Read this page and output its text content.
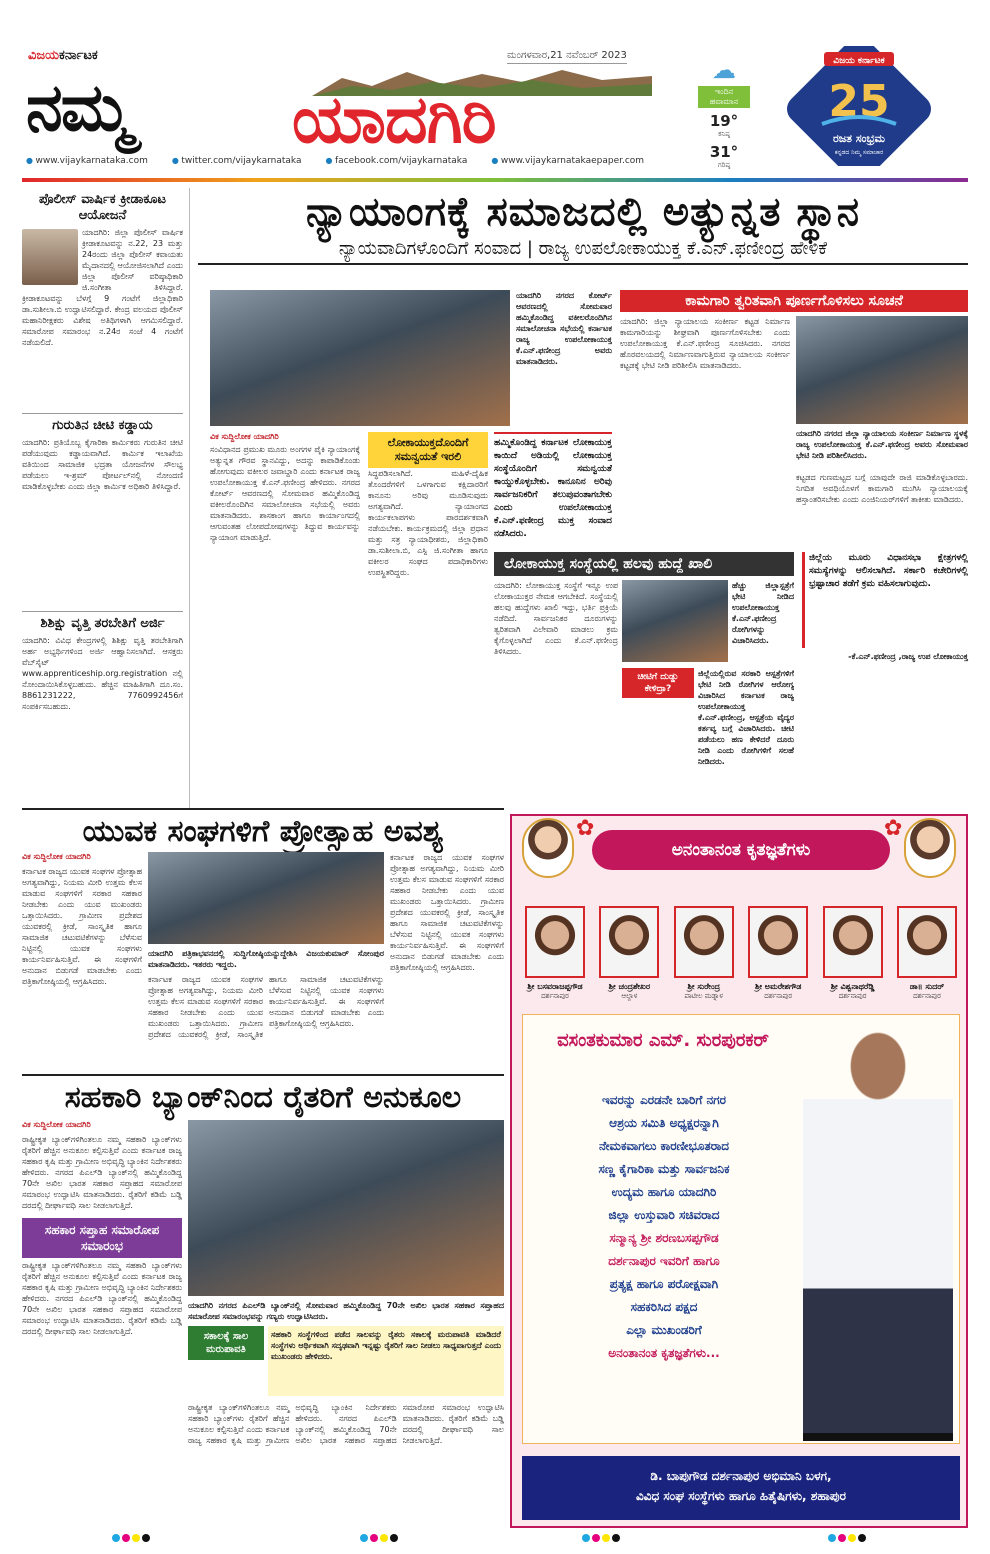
ವಿಜಯಕರ್ನಾಟಕ
ನಮ್ಮ ಯಾದಗಿರಿ
ಮಂಗಳವಾರ,21 ನವೆಂಬರ್ 2023
☁
ಇಂದಿನ ಹವಾಮಾನ
19°
ಕನಿಷ್ಠ
31°
ಗರಿಷ್ಠ
ವಿಜಯ ಕರ್ನಾಟಕ
25
ರಜತ ಸಂಭ್ರಮ
ಕನ್ನಡದ ನಿಮ್ಮ ಸಮಾಚಾರ
● www.vijaykarnataka.com	● twitter.com/vijaykarnataka	● facebook.com/vijaykarnataka	● www.vijaykarnatakaepaper.com
ಪೊಲೀಸ್ ವಾರ್ಷಿಕ ಕ್ರೀಡಾಕೂಟ ಆಯೋಜನೆ
ಯಾದಗಿರಿ: ಜಿಲ್ಲಾ ಪೊಲೀಸ್ ವಾರ್ಷಿಕ ಕ್ರೀಡಾಕೂಟವನ್ನು ನ.22, 23 ಮತ್ತು 24ರಂದು ಜಿಲ್ಲಾ ಪೊಲೀಸ್ ಕವಾಯತು ಮೈದಾನದಲ್ಲಿ ಆಯೋಜಿಸಲಾಗಿದೆ ಎಂದು ಜಿಲ್ಲಾ ಪೊಲೀಸ್ ವರಿಷ್ಠಾಧಿಕಾರಿ ಜಿ.ಸಂಗೀತಾ ತಿಳಿಸಿದ್ದಾರೆ. ಕ್ರೀಡಾಕೂಟವನ್ನು ಬೆಳಗ್ಗೆ 9 ಗಂಟೆಗೆ ಜಿಲ್ಲಾಧಿಕಾರಿ ಡಾ.ಸುಶೀಲಾ.ಬಿ ಉದ್ಘಾಟಿಸಲಿದ್ದಾರೆ. ಕೇಂದ್ರ ವಲಯದ ಪೊಲೀಸ್ ಮಹಾನಿರೀಕ್ಷಕರು ವಿಶೇಷ ಅತಿಥಿಗಳಾಗಿ ಆಗಮಿಸಲಿದ್ದಾರೆ. ಸಮಾರೋಪ ಸಮಾರಂಭ ನ.24ರ ಸಂಜೆ 4 ಗಂಟೆಗೆ ನಡೆಯಲಿದೆ.
ಗುರುತಿನ ಚೀಟಿ ಕಡ್ಡಾಯ
ಯಾದಗಿರಿ: ಪ್ರತಿಯೊಬ್ಬ ಕೈಗಾರಿಕಾ ಕಾರ್ಮಿಕರು ಗುರುತಿನ ಚೀಟಿ ಪಡೆಯುವುದು ಕಡ್ಡಾಯವಾಗಿದೆ. ಕಾರ್ಮಿಕ ಇಲಾಖೆಯ ವತಿಯಿಂದ ಸಾಮಾಜಿಕ ಭದ್ರತಾ ಯೋಜನೆಗಳ ಸೌಲಭ್ಯ ಪಡೆಯಲು ಇ-ಶ್ರಮ್ ಪೋರ್ಟಲ್‌ನಲ್ಲಿ ನೋಂದಣಿ ಮಾಡಿಕೊಳ್ಳಬೇಕು ಎಂದು ಜಿಲ್ಲಾ ಕಾರ್ಮಿಕ ಅಧಿಕಾರಿ ತಿಳಿಸಿದ್ದಾರೆ.
ಶಿಶಿಕ್ಷು ವೃತ್ತಿ ತರಬೇತಿಗೆ ಅರ್ಜಿ
ಯಾದಗಿರಿ: ವಿವಿಧ ಕೇಂದ್ರಗಳಲ್ಲಿ ಶಿಶಿಕ್ಷು ವೃತ್ತಿ ತರಬೇತಿಗಾಗಿ ಅರ್ಹ ಅಭ್ಯರ್ಥಿಗಳಿಂದ ಅರ್ಜಿ ಆಹ್ವಾನಿಸಲಾಗಿದೆ. ಆಸಕ್ತರು ವೆಬ್‌ಸೈಟ್ www.apprenticeship.org.registration ನಲ್ಲಿ ನೋಂದಾಯಿಸಿಕೊಳ್ಳಬಹುದು. ಹೆಚ್ಚಿನ ಮಾಹಿತಿಗಾಗಿ ದೂ.ಸಂ. 8861231222, 7760992456ಗೆ ಸಂಪರ್ಕಿಸಬಹುದು.
ನ್ಯಾಯಾಂಗಕ್ಕೆ ಸಮಾಜದಲ್ಲಿ ಅತ್ಯುನ್ನತ ಸ್ಥಾನ
ನ್ಯಾಯವಾದಿಗಳೊಂದಿಗೆ ಸಂವಾದ | ರಾಜ್ಯ ಉಪಲೋಕಾಯುಕ್ತ ಕೆ.ಎನ್.ಫಣೀಂದ್ರ ಹೇಳಿಕೆ
ಯಾದಗಿರಿ ನಗರದ ಕೋರ್ಟ್ ಆವರಣದಲ್ಲಿ ಸೋಮವಾರ ಹಮ್ಮಿಕೊಂಡಿದ್ದ ವಕೀಲರೊಂದಿಗಿನ ಸಮಾಲೋಚನಾ ಸಭೆಯಲ್ಲಿ ಕರ್ನಾಟಕ ರಾಜ್ಯ ಉಪಲೋಕಾಯುಕ್ತ ಕೆ.ಎನ್.ಫಣೀಂದ್ರ ಅವರು ಮಾತನಾಡಿದರು.
ವಿಕ ಸುದ್ದಿಲೋಕ ಯಾದಗಿರಿ
ಸಂವಿಧಾನದ ಪ್ರಮುಖ ಮೂರು ಅಂಗಗಳ ಪೈಕಿ ನ್ಯಾಯಾಂಗಕ್ಕೆ ಅತ್ಯುನ್ನತ ಗೌರವ ಸ್ಥಾನವಿದ್ದು, ಅದನ್ನು ಕಾಪಾಡಿಕೊಂಡು ಹೋಗುವುದು ವಕೀಲರ ಜವಾಬ್ದಾರಿ ಎಂದು ಕರ್ನಾಟಕ ರಾಜ್ಯ ಉಪಲೋಕಾಯುಕ್ತ ಕೆ.ಎನ್.ಫಣೀಂದ್ರ ಹೇಳಿದರು. ನಗರದ ಕೋರ್ಟ್ ಆವರಣದಲ್ಲಿ ಸೋಮವಾರ ಹಮ್ಮಿಕೊಂಡಿದ್ದ ವಕೀಲರೊಂದಿಗಿನ ಸಮಾಲೋಚನಾ ಸಭೆಯಲ್ಲಿ ಅವರು ಮಾತನಾಡಿದರು. ಶಾಸಕಾಂಗ ಹಾಗೂ ಕಾರ್ಯಾಂಗದಲ್ಲಿ ಆಗುವಂತಹ ಲೋಪದೋಷಗಳನ್ನು ತಿದ್ದುವ ಕಾರ್ಯವನ್ನು ನ್ಯಾಯಾಂಗ ಮಾಡುತ್ತಿದೆ.
ಲೋಕಾಯುಕ್ತದೊಂದಿಗೆ ಸಮನ್ವಯತೆ ಇರಲಿ
ಸಿದ್ಧಪಡಿಸಲಾಗಿದೆ. ಮಹಿಳೆ-ದೈಹಿಕ ತೊಂದರೆಗಳಿಗೆ ಒಳಗಾಗುವ ಕಕ್ಷಿದಾರರಿಗೆ ಕಾನೂನು ಅರಿವು ಮೂಡಿಸುವುದು ಅಗತ್ಯವಾಗಿದೆ. ನ್ಯಾಯಾಂಗದ ಕಾರ್ಯಕಲಾಪಗಳು ಪಾರದರ್ಶಕವಾಗಿ ನಡೆಯಬೇಕು. ಕಾರ್ಯಕ್ರಮದಲ್ಲಿ ಜಿಲ್ಲಾ ಪ್ರಧಾನ ಮತ್ತು ಸತ್ರ ನ್ಯಾಯಾಧೀಶರು, ಜಿಲ್ಲಾಧಿಕಾರಿ ಡಾ.ಸುಶೀಲಾ.ಬಿ, ಎಸ್ಪಿ ಜಿ.ಸಂಗೀತಾ ಹಾಗೂ ವಕೀಲರ ಸಂಘದ ಪದಾಧಿಕಾರಿಗಳು ಉಪಸ್ಥಿತರಿದ್ದರು.
ಹಮ್ಮಿಕೊಂಡಿದ್ದ ಕರ್ನಾಟಕ ಲೋಕಾಯುಕ್ತ ಕಾಯಿದೆ ಅಡಿಯಲ್ಲಿ ಲೋಕಾಯುಕ್ತ ಸಂಸ್ಥೆಯೊಂದಿಗೆ ಸಮನ್ವಯತೆ ಕಾಯ್ದುಕೊಳ್ಳಬೇಕು. ಕಾನೂನಿನ ಅರಿವು ಸಾರ್ವಜನಿಕರಿಗೆ ತಲುಪುವಂತಾಗಬೇಕು ಎಂದು ಉಪಲೋಕಾಯುಕ್ತ ಕೆ.ಎನ್.ಫಣೀಂದ್ರ ಮುಕ್ತ ಸಂವಾದ ನಡೆಸಿದರು.
ಕಾಮಗಾರಿ ತ್ವರಿತವಾಗಿ ಪೂರ್ಣಗೊಳಿಸಲು ಸೂಚನೆ
ಯಾದಗಿರಿ: ಜಿಲ್ಲಾ ನ್ಯಾಯಾಲಯ ಸಂಕೀರ್ಣ ಕಟ್ಟಡ ನಿರ್ಮಾಣ ಕಾಮಗಾರಿಯನ್ನು ಶೀಘ್ರವಾಗಿ ಪೂರ್ಣಗೊಳಿಸಬೇಕು ಎಂದು ಉಪಲೋಕಾಯುಕ್ತ ಕೆ.ಎನ್.ಫಣೀಂದ್ರ ಸೂಚಿಸಿದರು. ನಗರದ ಹೊರವಲಯದಲ್ಲಿ ನಿರ್ಮಾಣವಾಗುತ್ತಿರುವ ನ್ಯಾಯಾಲಯ ಸಂಕೀರ್ಣ ಕಟ್ಟಡಕ್ಕೆ ಭೇಟಿ ನೀಡಿ ಪರಿಶೀಲಿಸಿ ಮಾತನಾಡಿದರು.
ಯಾದಗಿರಿ ನಗರದ ಜಿಲ್ಲಾ ನ್ಯಾಯಾಲಯ ಸಂಕೀರ್ಣ ನಿರ್ಮಾಣ ಸ್ಥಳಕ್ಕೆ ರಾಜ್ಯ ಉಪಲೋಕಾಯುಕ್ತ ಕೆ.ಎನ್.ಫಣೀಂದ್ರ ಅವರು ಸೋಮವಾರ ಭೇಟಿ ನೀಡಿ ಪರಿಶೀಲಿಸಿದರು.
ಕಟ್ಟಡದ ಗುಣಮಟ್ಟದ ಬಗ್ಗೆ ಯಾವುದೇ ರಾಜಿ ಮಾಡಿಕೊಳ್ಳಬಾರದು. ನಿಗದಿತ ಅವಧಿಯೊಳಗೆ ಕಾಮಗಾರಿ ಮುಗಿಸಿ ನ್ಯಾಯಾಲಯಕ್ಕೆ ಹಸ್ತಾಂತರಿಸಬೇಕು ಎಂದು ಎಂಜಿನಿಯರ್‌ಗಳಿಗೆ ತಾಕೀತು ಮಾಡಿದರು.
ಲೋಕಾಯುಕ್ತ ಸಂಸ್ಥೆಯಲ್ಲಿ ಹಲವು ಹುದ್ದೆ ಖಾಲಿ
ಯಾದಗಿರಿ: ಲೋಕಾಯುಕ್ತ ಸಂಸ್ಥೆಗೆ ಇನ್ನೂ ಉಪ ಲೋಕಾಯುಕ್ತರ ನೇಮಕ ಆಗಬೇಕಿದೆ. ಸಂಸ್ಥೆಯಲ್ಲಿ ಹಲವು ಹುದ್ದೆಗಳು ಖಾಲಿ ಇದ್ದು, ಭರ್ತಿ ಪ್ರಕ್ರಿಯೆ ನಡೆದಿದೆ. ಸಾರ್ವಜನಿಕರ ದೂರುಗಳನ್ನು ತ್ವರಿತವಾಗಿ ವಿಲೇವಾರಿ ಮಾಡಲು ಕ್ರಮ ಕೈಗೊಳ್ಳಲಾಗಿದೆ ಎಂದು ಕೆ.ಎನ್.ಫಣೀಂದ್ರ ತಿಳಿಸಿದರು.
ಹೆಚ್ಚು ಜಿಲ್ಲಾಸ್ಪತ್ರೆಗೆ ಭೇಟಿ ನೀಡಿದ ಉಪಲೋಕಾಯುಕ್ತ ಕೆ.ಎನ್.ಫಣೀಂದ್ರ ರೋಗಿಗಳನ್ನು ವಿಚಾರಿಸಿದರು.
ಚೀಟಿಗೆ ದುಡ್ಡು ಕೇಳಿದ್ರಾ?
ಜಿಲ್ಲೆಯಲ್ಲಿರುವ ಸರಕಾರಿ ಆಸ್ಪತ್ರೆಗಳಿಗೆ ಭೇಟಿ ನೀಡಿ ರೋಗಿಗಳ ಆರೋಗ್ಯ ವಿಚಾರಿಸಿದ ಕರ್ನಾಟಕ ರಾಜ್ಯ ಉಪಲೋಕಾಯುಕ್ತ ಕೆ.ಎನ್.ಫಣೀಂದ್ರ, ಆಸ್ಪತ್ರೆಯ ವೈದ್ಯರ ಕರ್ತವ್ಯ ಬಗ್ಗೆ ವಿಚಾರಿಸಿದರು. ಚೀಟಿ ಪಡೆಯಲು ಹಣ ಕೇಳಿದರೆ ದೂರು ನೀಡಿ ಎಂದು ರೋಗಿಗಳಿಗೆ ಸಲಹೆ ನೀಡಿದರು.
ಜಿಲ್ಲೆಯ ಮೂರು ವಿಧಾನಸಭಾ ಕ್ಷೇತ್ರಗಳಲ್ಲಿ ಸಮಸ್ಯೆಗಳನ್ನು ಆಲಿಸಲಾಗಿದೆ. ಸರ್ಕಾರಿ ಕಚೇರಿಗಳಲ್ಲಿ ಭ್ರಷ್ಟಾಚಾರ ತಡೆಗೆ ಕ್ರಮ ವಹಿಸಲಾಗುವುದು.
-ಕೆ.ಎನ್.ಫಣೀಂದ್ರ ,ರಾಜ್ಯ ಉಪ ಲೋಕಾಯುಕ್ತ
ಯುವಕ ಸಂಘಗಳಿಗೆ ಪ್ರೋತ್ಸಾಹ ಅವಶ್ಯ
ವಿಕ ಸುದ್ದಿಲೋಕ ಯಾದಗಿರಿ
ಯಾದಗಿರಿ ಪತ್ರಿಕಾಭವನದಲ್ಲಿ ಸುದ್ದಿಗೋಷ್ಠಿಯನ್ನುದ್ದೇಶಿಸಿ ವಿಜಯಕುಮಾರ್ ಸೋಂಪುರ ಮಾತನಾಡಿದರು. ಇತರರು ಇದ್ದರು.
ಕರ್ನಾಟಕ ರಾಜ್ಯದ ಯುವಕ ಸಂಘಗಳ ಪ್ರೋತ್ಸಾಹ ಅಗತ್ಯವಾಗಿದ್ದು, ನಿಯಮ ಮೀರಿ ಉತ್ತಮ ಕೆಲಸ ಮಾಡುವ ಸಂಘಗಳಿಗೆ ಸರಕಾರ ಸಹಕಾರ ನೀಡಬೇಕು ಎಂದು ಯುವ ಮುಖಂಡರು ಒತ್ತಾಯಿಸಿದರು. ಗ್ರಾಮೀಣ ಪ್ರದೇಶದ ಯುವಕರಲ್ಲಿ ಕ್ರೀಡೆ, ಸಾಂಸ್ಕೃತಿಕ ಹಾಗೂ ಸಾಮಾಜಿಕ ಚಟುವಟಿಕೆಗಳನ್ನು ಬೆಳೆಸುವ ನಿಟ್ಟಿನಲ್ಲಿ ಯುವಕ ಸಂಘಗಳು ಕಾರ್ಯನಿರ್ವಹಿಸುತ್ತಿವೆ. ಈ ಸಂಘಗಳಿಗೆ ಅನುದಾನ ಬಿಡುಗಡೆ ಮಾಡಬೇಕು ಎಂದು ಪತ್ರಿಕಾಗೋಷ್ಠಿಯಲ್ಲಿ ಆಗ್ರಹಿಸಿದರು.	ಕರ್ನಾಟಕ ರಾಜ್ಯದ ಯುವಕ ಸಂಘಗಳ ಪ್ರೋತ್ಸಾಹ ಅಗತ್ಯವಾಗಿದ್ದು, ನಿಯಮ ಮೀರಿ ಉತ್ತಮ ಕೆಲಸ ಮಾಡುವ ಸಂಘಗಳಿಗೆ ಸರಕಾರ ಸಹಕಾರ ನೀಡಬೇಕು ಎಂದು ಯುವ ಮುಖಂಡರು ಒತ್ತಾಯಿಸಿದರು. ಗ್ರಾಮೀಣ ಪ್ರದೇಶದ ಯುವಕರಲ್ಲಿ ಕ್ರೀಡೆ, ಸಾಂಸ್ಕೃತಿಕ ಹಾಗೂ ಸಾಮಾಜಿಕ ಚಟುವಟಿಕೆಗಳನ್ನು ಬೆಳೆಸುವ ನಿಟ್ಟಿನಲ್ಲಿ ಯುವಕ ಸಂಘಗಳು ಕಾರ್ಯನಿರ್ವಹಿಸುತ್ತಿವೆ. ಈ ಸಂಘಗಳಿಗೆ ಅನುದಾನ ಬಿಡುಗಡೆ ಮಾಡಬೇಕು ಎಂದು ಪತ್ರಿಕಾಗೋಷ್ಠಿಯಲ್ಲಿ ಆಗ್ರಹಿಸಿದರು.
ಕರ್ನಾಟಕ ರಾಜ್ಯದ ಯುವಕ ಸಂಘಗಳ ಪ್ರೋತ್ಸಾಹ ಅಗತ್ಯವಾಗಿದ್ದು, ನಿಯಮ ಮೀರಿ ಉತ್ತಮ ಕೆಲಸ ಮಾಡುವ ಸಂಘಗಳಿಗೆ ಸರಕಾರ ಸಹಕಾರ ನೀಡಬೇಕು ಎಂದು ಯುವ ಮುಖಂಡರು ಒತ್ತಾಯಿಸಿದರು. ಗ್ರಾಮೀಣ ಪ್ರದೇಶದ ಯುವಕರಲ್ಲಿ ಕ್ರೀಡೆ, ಸಾಂಸ್ಕೃತಿಕ ಹಾಗೂ ಸಾಮಾಜಿಕ ಚಟುವಟಿಕೆಗಳನ್ನು ಬೆಳೆಸುವ ನಿಟ್ಟಿನಲ್ಲಿ ಯುವಕ ಸಂಘಗಳು ಕಾರ್ಯನಿರ್ವಹಿಸುತ್ತಿವೆ. ಈ ಸಂಘಗಳಿಗೆ ಅನುದಾನ ಬಿಡುಗಡೆ ಮಾಡಬೇಕು ಎಂದು ಪತ್ರಿಕಾಗೋಷ್ಠಿಯಲ್ಲಿ ಆಗ್ರಹಿಸಿದರು.
ಸಹಕಾರಿ ಬ್ಯಾಂಕ್‌ನಿಂದ ರೈತರಿಗೆ ಅನುಕೂಲ
ವಿಕ ಸುದ್ದಿಲೋಕ ಯಾದಗಿರಿ
ರಾಷ್ಟ್ರೀಕೃತ ಬ್ಯಾಂಕ್‌ಗಳಿಗಿಂತಲೂ ನಮ್ಮ ಸಹಕಾರಿ ಬ್ಯಾಂಕ್‌ಗಳು ರೈತರಿಗೆ ಹೆಚ್ಚಿನ ಅನುಕೂಲ ಕಲ್ಪಿಸುತ್ತಿವೆ ಎಂದು ಕರ್ನಾಟಕ ರಾಜ್ಯ ಸಹಕಾರ ಕೃಷಿ ಮತ್ತು ಗ್ರಾಮೀಣ ಅಭಿವೃದ್ಧಿ ಬ್ಯಾಂಕಿನ ನಿರ್ದೇಶಕರು ಹೇಳಿದರು. ನಗರದ ಪಿಎಲ್‌ಡಿ ಬ್ಯಾಂಕ್‌ನಲ್ಲಿ ಹಮ್ಮಿಕೊಂಡಿದ್ದ 70ನೇ ಅಖಿಲ ಭಾರತ ಸಹಕಾರ ಸಪ್ತಾಹದ ಸಮಾರೋಪ ಸಮಾರಂಭ ಉದ್ಘಾಟಿಸಿ ಮಾತನಾಡಿದರು. ರೈತರಿಗೆ ಕಡಿಮೆ ಬಡ್ಡಿ ದರದಲ್ಲಿ ದೀರ್ಘಾವಧಿ ಸಾಲ ನೀಡಲಾಗುತ್ತಿದೆ.
ಸಹಕಾರ ಸಪ್ತಾಹ ಸಮಾರೋಪ ಸಮಾರಂಭ
ರಾಷ್ಟ್ರೀಕೃತ ಬ್ಯಾಂಕ್‌ಗಳಿಗಿಂತಲೂ ನಮ್ಮ ಸಹಕಾರಿ ಬ್ಯಾಂಕ್‌ಗಳು ರೈತರಿಗೆ ಹೆಚ್ಚಿನ ಅನುಕೂಲ ಕಲ್ಪಿಸುತ್ತಿವೆ ಎಂದು ಕರ್ನಾಟಕ ರಾಜ್ಯ ಸಹಕಾರ ಕೃಷಿ ಮತ್ತು ಗ್ರಾಮೀಣ ಅಭಿವೃದ್ಧಿ ಬ್ಯಾಂಕಿನ ನಿರ್ದೇಶಕರು ಹೇಳಿದರು. ನಗರದ ಪಿಎಲ್‌ಡಿ ಬ್ಯಾಂಕ್‌ನಲ್ಲಿ ಹಮ್ಮಿಕೊಂಡಿದ್ದ 70ನೇ ಅಖಿಲ ಭಾರತ ಸಹಕಾರ ಸಪ್ತಾಹದ ಸಮಾರೋಪ ಸಮಾರಂಭ ಉದ್ಘಾಟಿಸಿ ಮಾತನಾಡಿದರು. ರೈತರಿಗೆ ಕಡಿಮೆ ಬಡ್ಡಿ ದರದಲ್ಲಿ ದೀರ್ಘಾವಧಿ ಸಾಲ ನೀಡಲಾಗುತ್ತಿದೆ.
ಯಾದಗಿರಿ ನಗರದ ಪಿಎಲ್‌ಡಿ ಬ್ಯಾಂಕ್‌ನಲ್ಲಿ ಸೋಮವಾರ ಹಮ್ಮಿಕೊಂಡಿದ್ದ 70ನೇ ಅಖಿಲ ಭಾರತ ಸಹಕಾರ ಸಪ್ತಾಹದ ಸಮಾರೋಪ ಸಮಾರಂಭವನ್ನು ಗಣ್ಯರು ಉದ್ಘಾಟಿಸಿದರು.
ಸಕಾಲಕ್ಕೆ ಸಾಲ ಮರುಪಾವತಿ
ಸಹಕಾರಿ ಸಂಸ್ಥೆಗಳಿಂದ ಪಡೆದ ಸಾಲವನ್ನು ರೈತರು ಸಕಾಲಕ್ಕೆ ಮರುಪಾವತಿ ಮಾಡಿದರೆ ಸಂಸ್ಥೆಗಳು ಆರ್ಥಿಕವಾಗಿ ಸದೃಢವಾಗಿ ಇನ್ನಷ್ಟು ರೈತರಿಗೆ ಸಾಲ ನೀಡಲು ಸಾಧ್ಯವಾಗುತ್ತದೆ ಎಂದು ಮುಖಂಡರು ಹೇಳಿದರು.
ರಾಷ್ಟ್ರೀಕೃತ ಬ್ಯಾಂಕ್‌ಗಳಿಗಿಂತಲೂ ನಮ್ಮ ಸಹಕಾರಿ ಬ್ಯಾಂಕ್‌ಗಳು ರೈತರಿಗೆ ಹೆಚ್ಚಿನ ಅನುಕೂಲ ಕಲ್ಪಿಸುತ್ತಿವೆ ಎಂದು ಕರ್ನಾಟಕ ರಾಜ್ಯ ಸಹಕಾರ ಕೃಷಿ ಮತ್ತು ಗ್ರಾಮೀಣ ಅಭಿವೃದ್ಧಿ ಬ್ಯಾಂಕಿನ ನಿರ್ದೇಶಕರು ಹೇಳಿದರು. ನಗರದ ಪಿಎಲ್‌ಡಿ ಬ್ಯಾಂಕ್‌ನಲ್ಲಿ ಹಮ್ಮಿಕೊಂಡಿದ್ದ 70ನೇ ಅಖಿಲ ಭಾರತ ಸಹಕಾರ ಸಪ್ತಾಹದ ಸಮಾರೋಪ ಸಮಾರಂಭ ಉದ್ಘಾಟಿಸಿ ಮಾತನಾಡಿದರು. ರೈತರಿಗೆ ಕಡಿಮೆ ಬಡ್ಡಿ ದರದಲ್ಲಿ ದೀರ್ಘಾವಧಿ ಸಾಲ ನೀಡಲಾಗುತ್ತಿದೆ.
ಅನಂತಾನಂತ ಕೃತಜ್ಞತೆಗಳು
✿	✿
ಶ್ರೀ ಬಸವರಾಜಪ್ಪಗೌಡ
ದರ್ಶನಾಪುರ
ಶ್ರೀ ಚಂದ್ರಶೇಖರ
ಆಲ್ದಾಳ
ಶ್ರೀ ಸುರೇಂದ್ರ
ಪಾಟೀಲ ಮಡ್ನಾಳ
ಶ್ರೀ ಅಮರೇಶಗೌಡ
ದರ್ಶನಾಪುರ
ಶ್ರೀ ವಿಶ್ವನಾಥರೆಡ್ಡಿ
ದರ್ಶನಾಪುರ
ಡಾ॥ ಸುದರ್
ದರ್ಶನಾಪುರ
ವಸಂತಕುಮಾರ ಎಮ್. ಸುರಪುರಕರ್
ಇವರನ್ನು ಎರಡನೇ ಬಾರಿಗೆ ನಗರ
ಆಶ್ರಯ ಸಮಿತಿ ಅಧ್ಯಕ್ಷರನ್ನಾಗಿ
ನೇಮಕವಾಗಲು ಕಾರಣೀಭೂತರಾದ
ಸಣ್ಣ ಕೈಗಾರಿಕಾ ಮತ್ತು ಸಾರ್ವಜನಿಕ
ಉದ್ಯಮ ಹಾಗೂ ಯಾದಗಿರಿ
ಜಿಲ್ಲಾ ಉಸ್ತುವಾರಿ ಸಚಿವರಾದ
ಸನ್ಮಾನ್ಯ ಶ್ರೀ ಶರಣಬಸಪ್ಪಗೌಡ
ದರ್ಶನಾಪುರ ಇವರಿಗೆ ಹಾಗೂ
ಪ್ರತ್ಯಕ್ಷ ಹಾಗೂ ಪರೋಕ್ಷವಾಗಿ
ಸಹಕರಿಸಿದ ಪಕ್ಷದ
ಎಲ್ಲಾ ಮುಖಂಡರಿಗೆ
ಅನಂತಾನಂತ ಕೃತಜ್ಞತೆಗಳು...
ಡಿ. ಬಾಪುಗೌಡ ದರ್ಶನಾಪುರ ಅಭಿಮಾನಿ ಬಳಗ,
ವಿವಿಧ ಸಂಘ ಸಂಸ್ಥೆಗಳು ಹಾಗೂ ಹಿತೈಷಿಗಳು, ಶಹಾಪುರ
